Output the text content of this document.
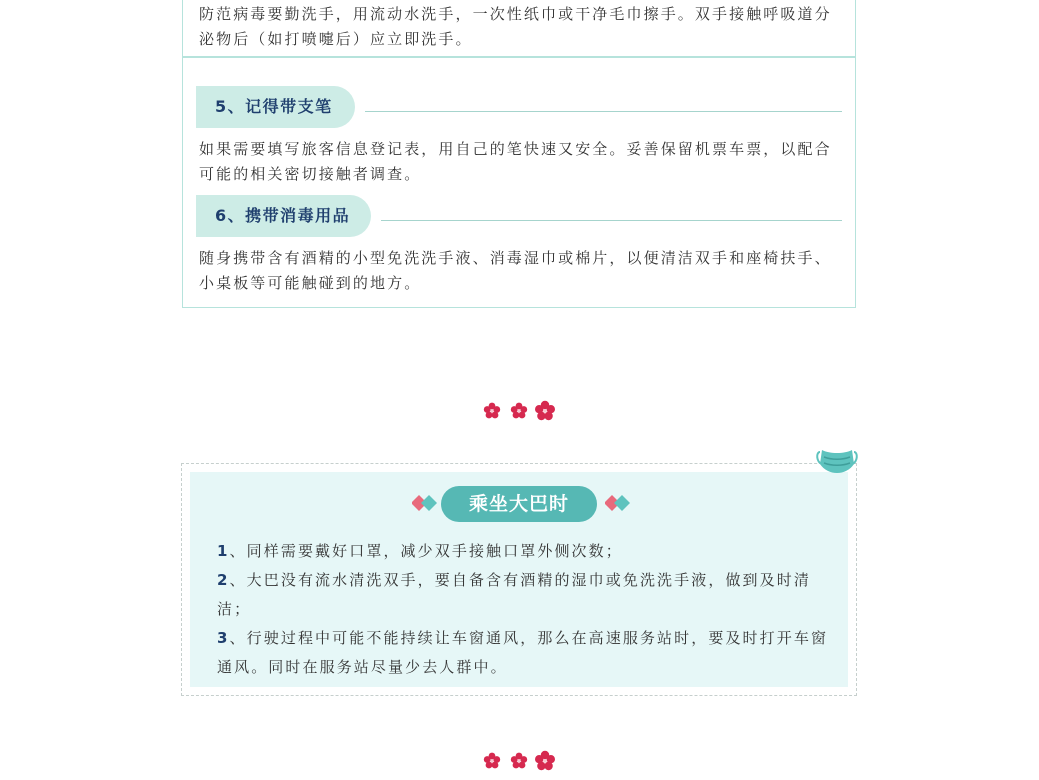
防范病毒要勤洗手，用流动水洗手，一次性纸巾或干净毛巾擦手。双手接触呼吸道分泌物后（如打喷嚏后）应立即洗手。
5、记得带支笔
如果需要填写旅客信息登记表，用自己的笔快速又安全。妥善保留机票车票，以配合可能的相关密切接触者调查。
6、携带消毒用品
随身携带含有酒精的小型免洗洗手液、消毒湿巾或棉片，以便清洁双手和座椅扶手、小桌板等可能触碰到的地方。
乘坐大巴时
1、同样需要戴好口罩，减少双手接触口罩外侧次数；
2、大巴没有流水清洗双手，要自备含有酒精的湿巾或免洗洗手液，做到及时清洁；
3、行驶过程中可能不能持续让车窗通风，那么在高速服务站时，要及时打开车窗通风。同时在服务站尽量少去人群中。
